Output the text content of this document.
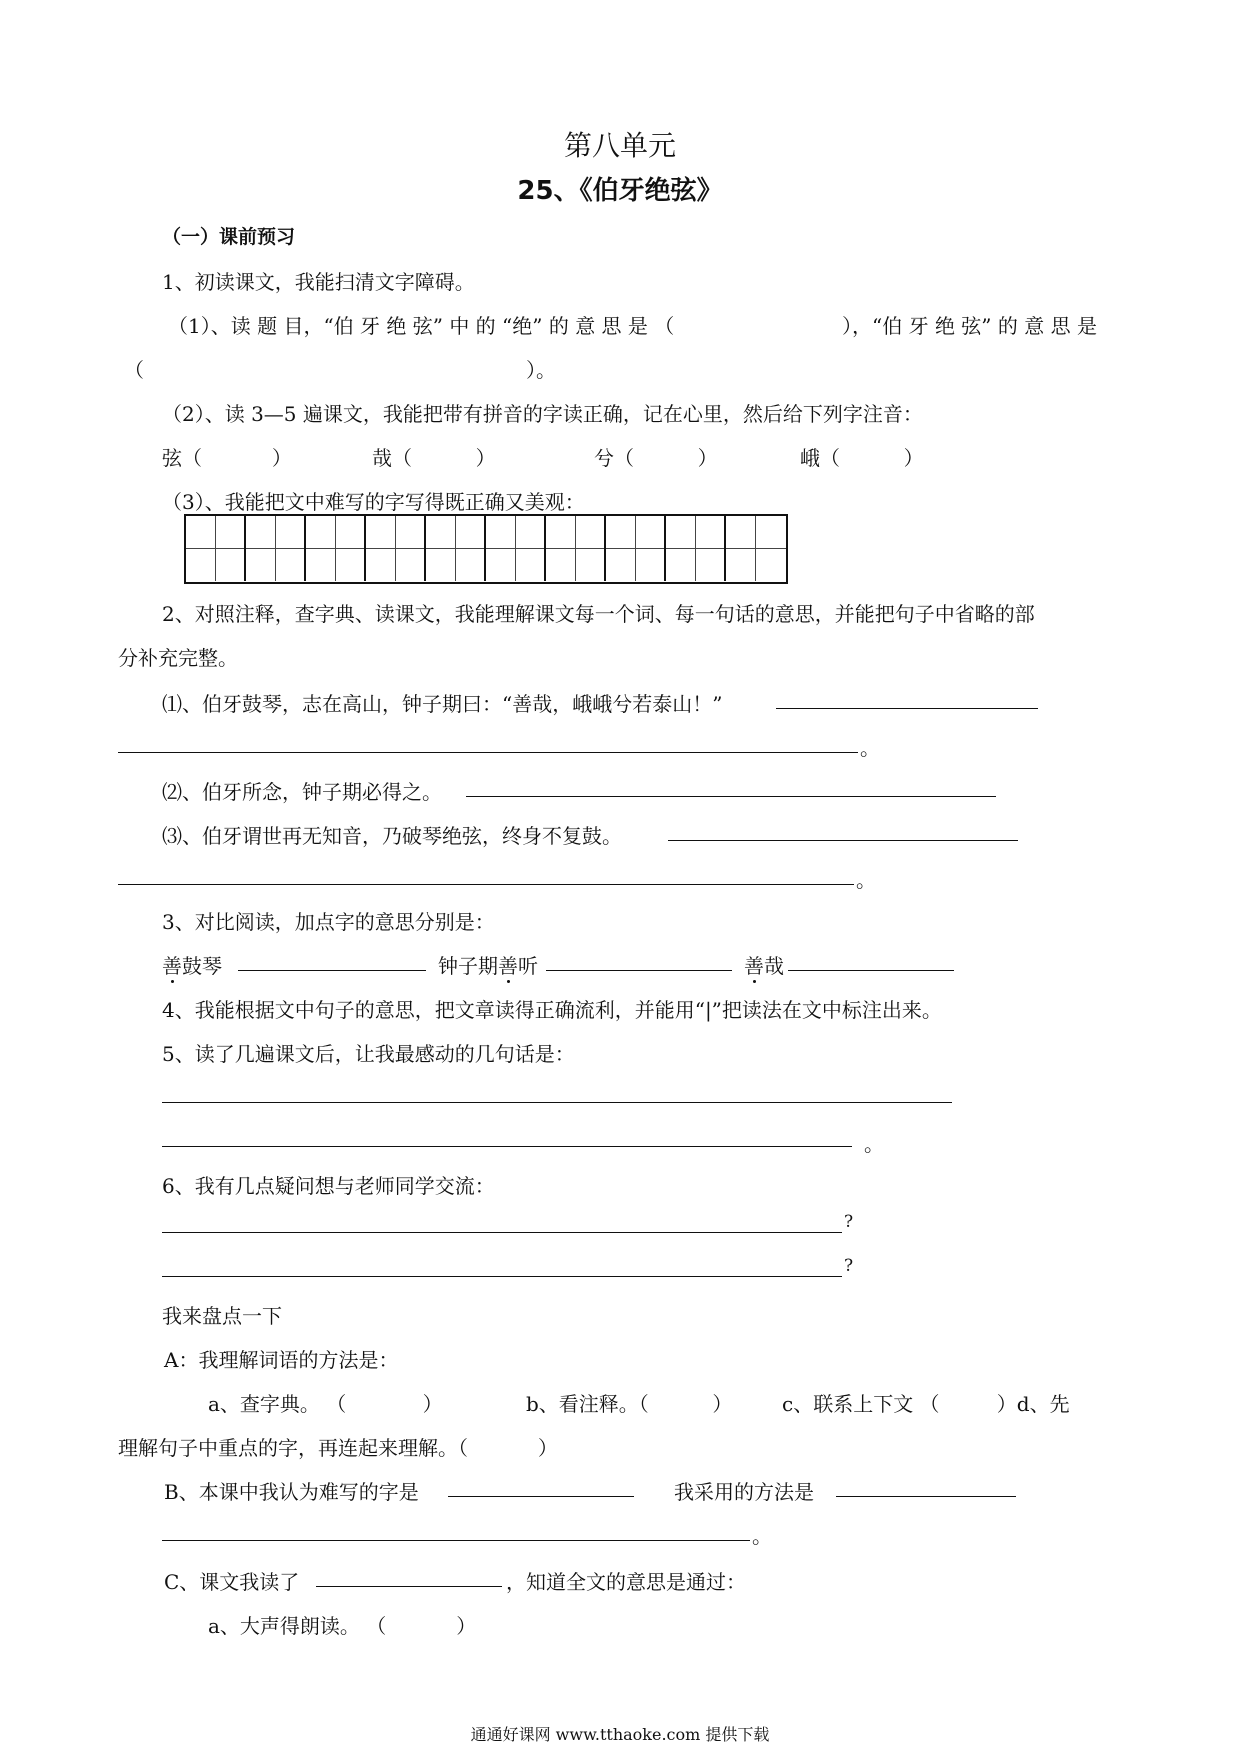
第八单元
25、《伯牙绝弦》
（一）课前预习
1、初读课文，我能扫清文字障碍。
（1）、读 题 目，“伯 牙 绝 弦” 中 的 “绝” 的 意 思 是 （	），“伯 牙 绝 弦” 的 意 思 是
（	）。
（2）、读 3—5 遍课文，我能把带有拼音的字读正确，记在心里，然后给下列字注音：
弦（           ）	哉（          ）	兮（          ）	峨（          ）
（3）、我能把文中难写的字写得既正确又美观：
2、对照注释，查字典、读课文，我能理解课文每一个词、每一句话的意思，并能把句子中省略的部
分补充完整。
⑴、伯牙鼓琴，志在高山，钟子期曰：“善哉，峨峨兮若泰山！”
。
⑵、伯牙所念，钟子期必得之。
⑶、伯牙谓世再无知音，乃破琴绝弦，终身不复鼓。
。
3、对比阅读，加点字的意思分别是：
善鼓琴	钟子期善听	善哉
4、我能根据文中句子的意思，把文章读得正确流利，并能用“|”把读法在文中标注出来。
5、读了几遍课文后，让我最感动的几句话是：
。
6、我有几点疑问想与老师同学交流：
?
?
我来盘点一下
A：我理解词语的方法是：
a、查字典。 （            ）	b、看注释。（          ） c、联系上下文 （         ）d、先
理解句子中重点的字，再连起来理解。（           ）
B、本课中我认为难写的字是	我采用的方法是
。
C、课文我读了	，知道全文的意思是通过：
a、大声得朗读。 （           ）
通通好课网 www.tthaoke.com 提供下载
